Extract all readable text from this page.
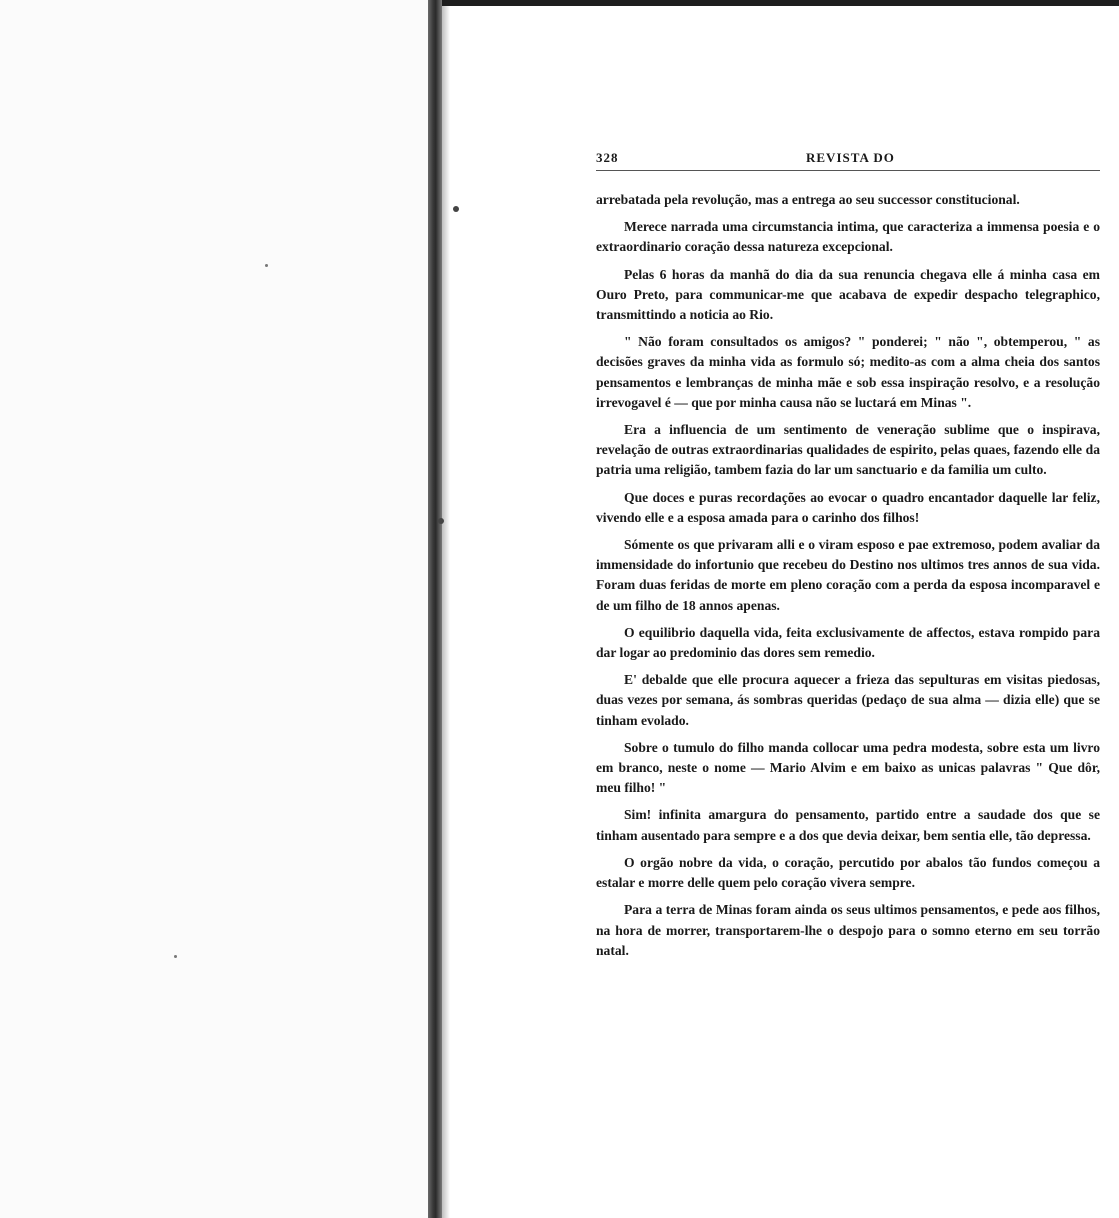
328	REVISTA DO

arrebatada pela revolução, mas a entrega ao seu successor constitucional.

Merece narrada uma circumstancia intima, que caracteriza a immensa poesia e o extraordinario coração dessa natureza excepcional.

Pelas 6 horas da manhã do dia da sua renuncia chegava elle á minha casa em Ouro Preto, para communicar-me que acabava de expedir despacho telegraphico, transmittindo a noticia ao Rio.

" Não foram consultados os amigos? " ponderei; " não ", obtemperou, " as decisões graves da minha vida as formulo só; medito-as com a alma cheia dos santos pensamentos e lembranças de minha mãe e sob essa inspiração resolvo, e a resolução irrevogavel é — que por minha causa não se luctará em Minas ".

Era a influencia de um sentimento de veneração sublime que o inspirava, revelação de outras extraordinarias qualidades de espirito, pelas quaes, fazendo elle da patria uma religião, tambem fazia do lar um sanctuario e da familia um culto.

Que doces e puras recordações ao evocar o quadro encantador daquelle lar feliz, vivendo elle e a esposa amada para o carinho dos filhos!

Sómente os que privaram alli e o viram esposo e pae extremoso, podem avaliar da immensidade do infortunio que recebeu do Destino nos ultimos tres annos de sua vida. Foram duas feridas de morte em pleno coração com a perda da esposa incomparavel e de um filho de 18 annos apenas.

O equilibrio daquella vida, feita exclusivamente de affectos, estava rompido para dar logar ao predominio das dores sem remedio.

E' debalde que elle procura aquecer a frieza das sepulturas em visitas piedosas, duas vezes por semana, ás sombras queridas (pedaço de sua alma — dizia elle) que se tinham evolado.

Sobre o tumulo do filho manda collocar uma pedra modesta, sobre esta um livro em branco, neste o nome — Mario Alvim e em baixo as unicas palavras " Que dôr, meu filho! "

Sim! infinita amargura do pensamento, partido entre a saudade dos que se tinham ausentado para sempre e a dos que devia deixar, bem sentia elle, tão depressa.

O orgão nobre da vida, o coração, percutido por abalos tão fundos começou a estalar e morre delle quem pelo coração vivera sempre.

Para a terra de Minas foram ainda os seus ultimos pensamentos, e pede aos filhos, na hora de morrer, transportarem-lhe o despojo para o somno eterno em seu torrão natal.
